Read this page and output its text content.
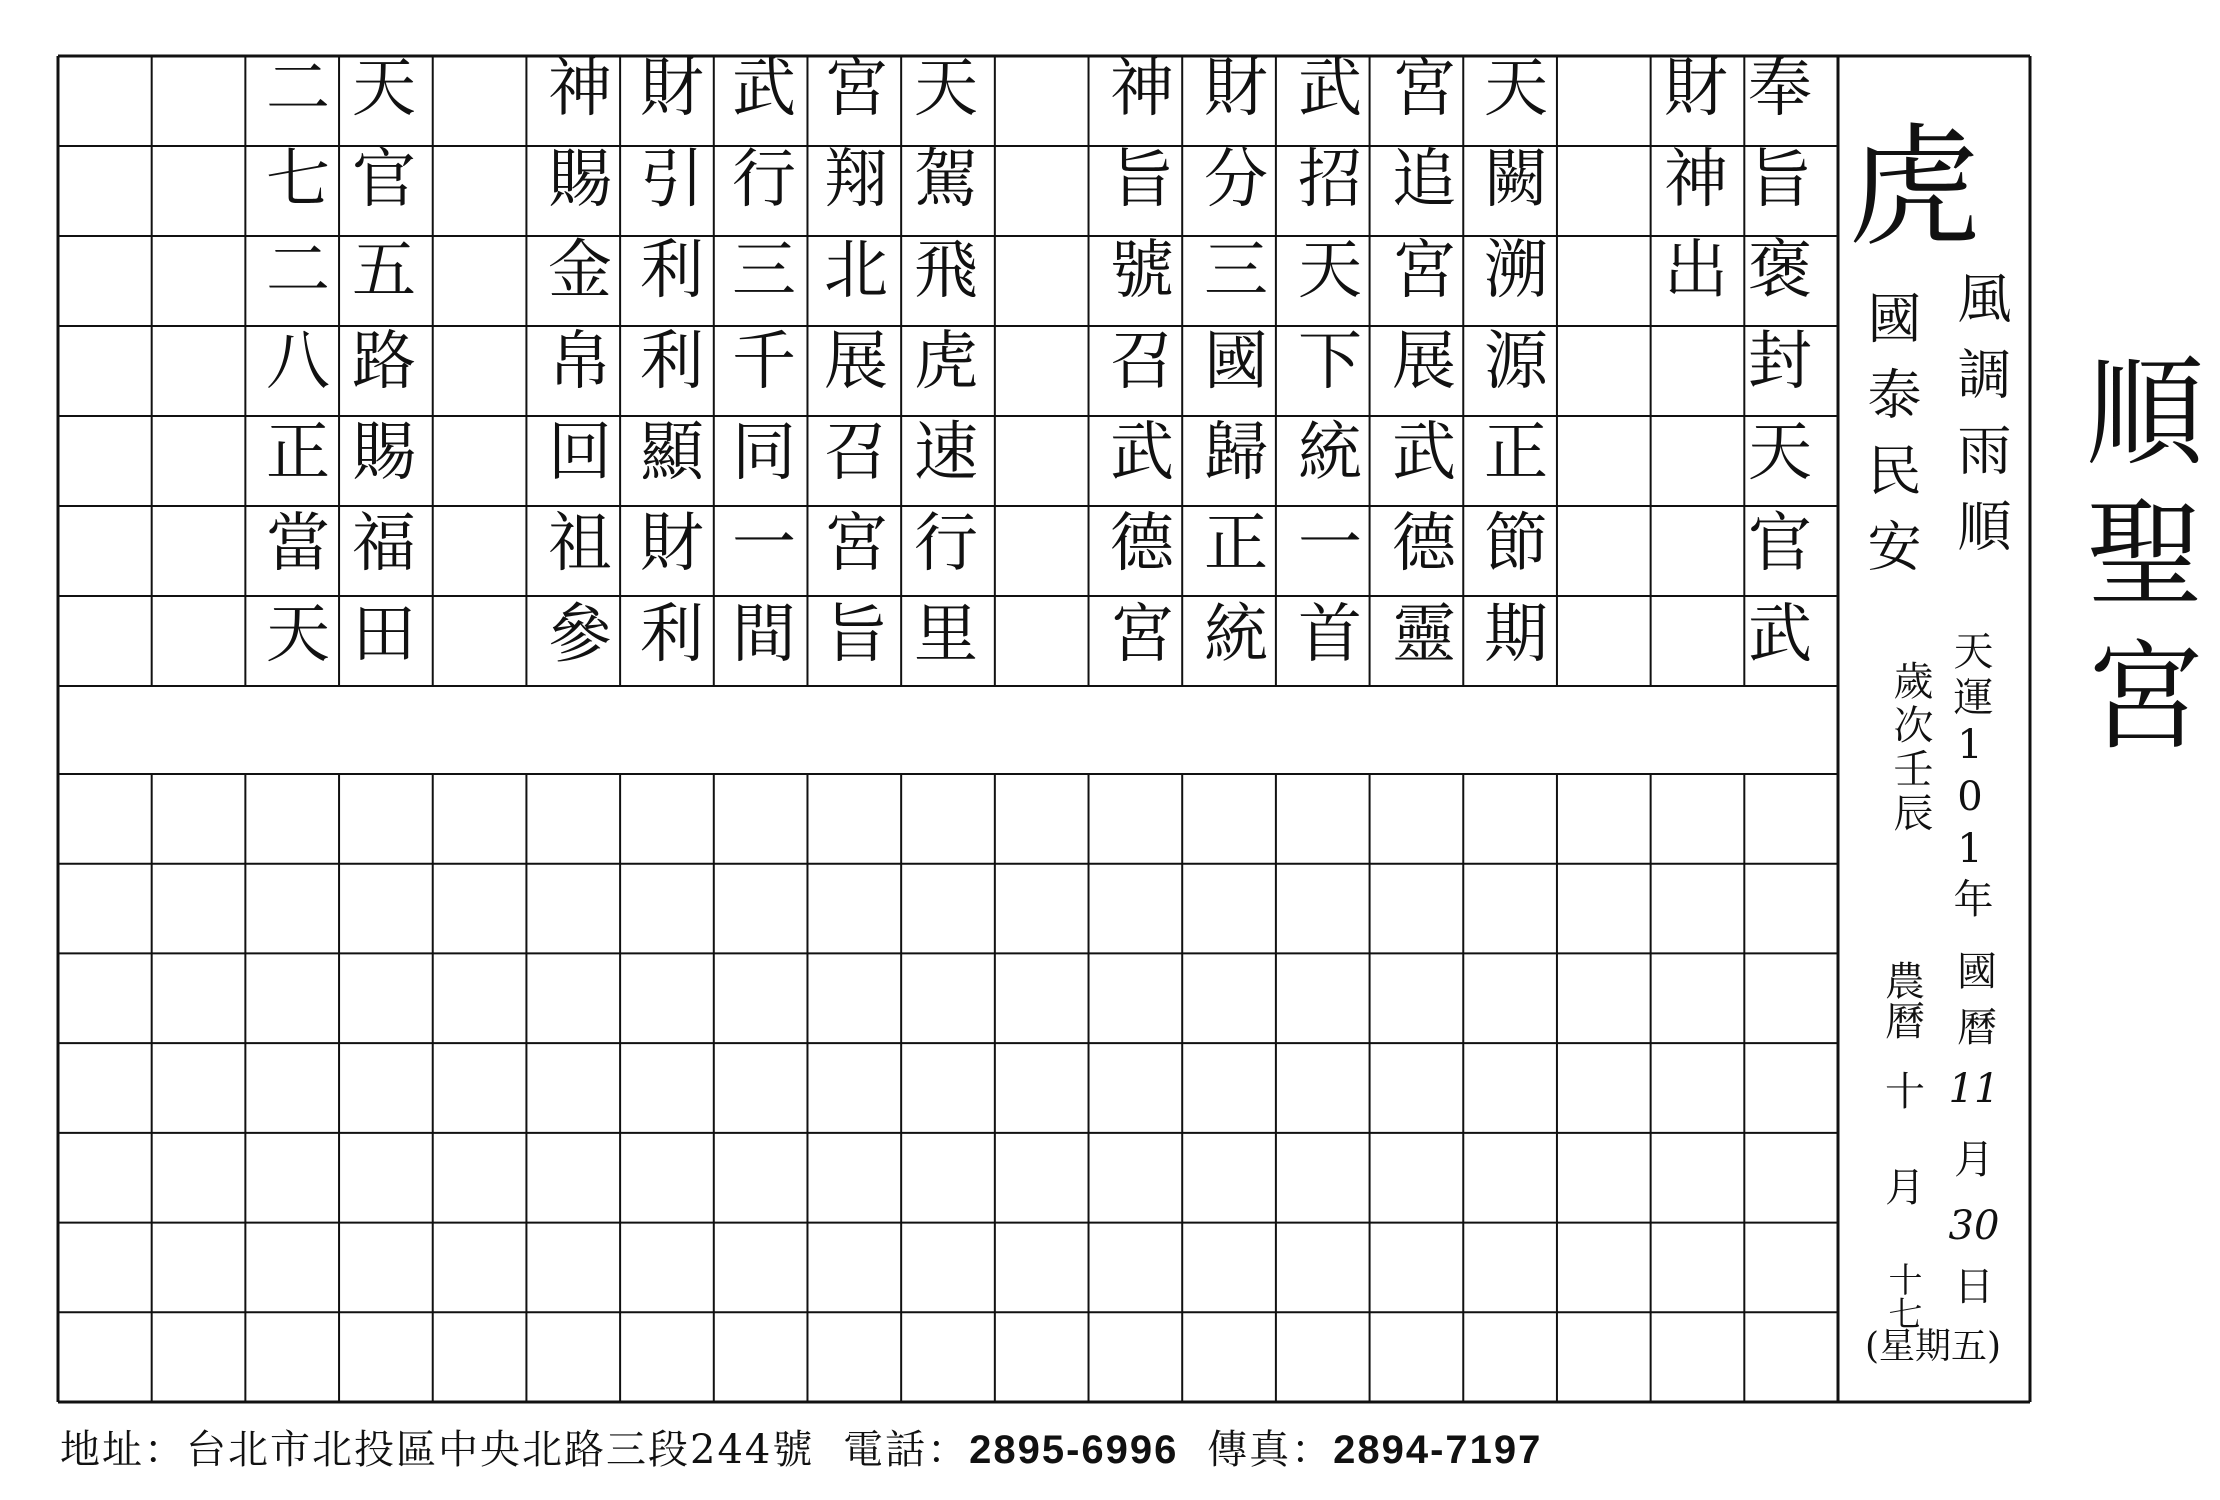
虎
順聖宮
風調雨順
國泰民安
天運101年
歲次壬辰
國曆
11
月
30
日
農曆
十月
十七
(星期五)
奉
旨
褒
封
天
官
武
財
神
出
天
闕
溯
源
正
節
期
宮
追
宮
展
武
德
靈
武
招
天
下
統
一
首
財
分
三
國
歸
正
統
神
旨
號
召
武
德
宮
天
駕
飛
虎
速
行
里
宮
翔
北
展
召
宮
旨
武
行
三
千
同
一
間
財
引
利
利
顯
財
利
神
賜
金
帛
回
祖
參
天
官
五
路
賜
福
田
二
七
二
八
正
當
天
地址：台北市北投區中央北路三段244號 電話：2895-6996 傳真：2894-7197
